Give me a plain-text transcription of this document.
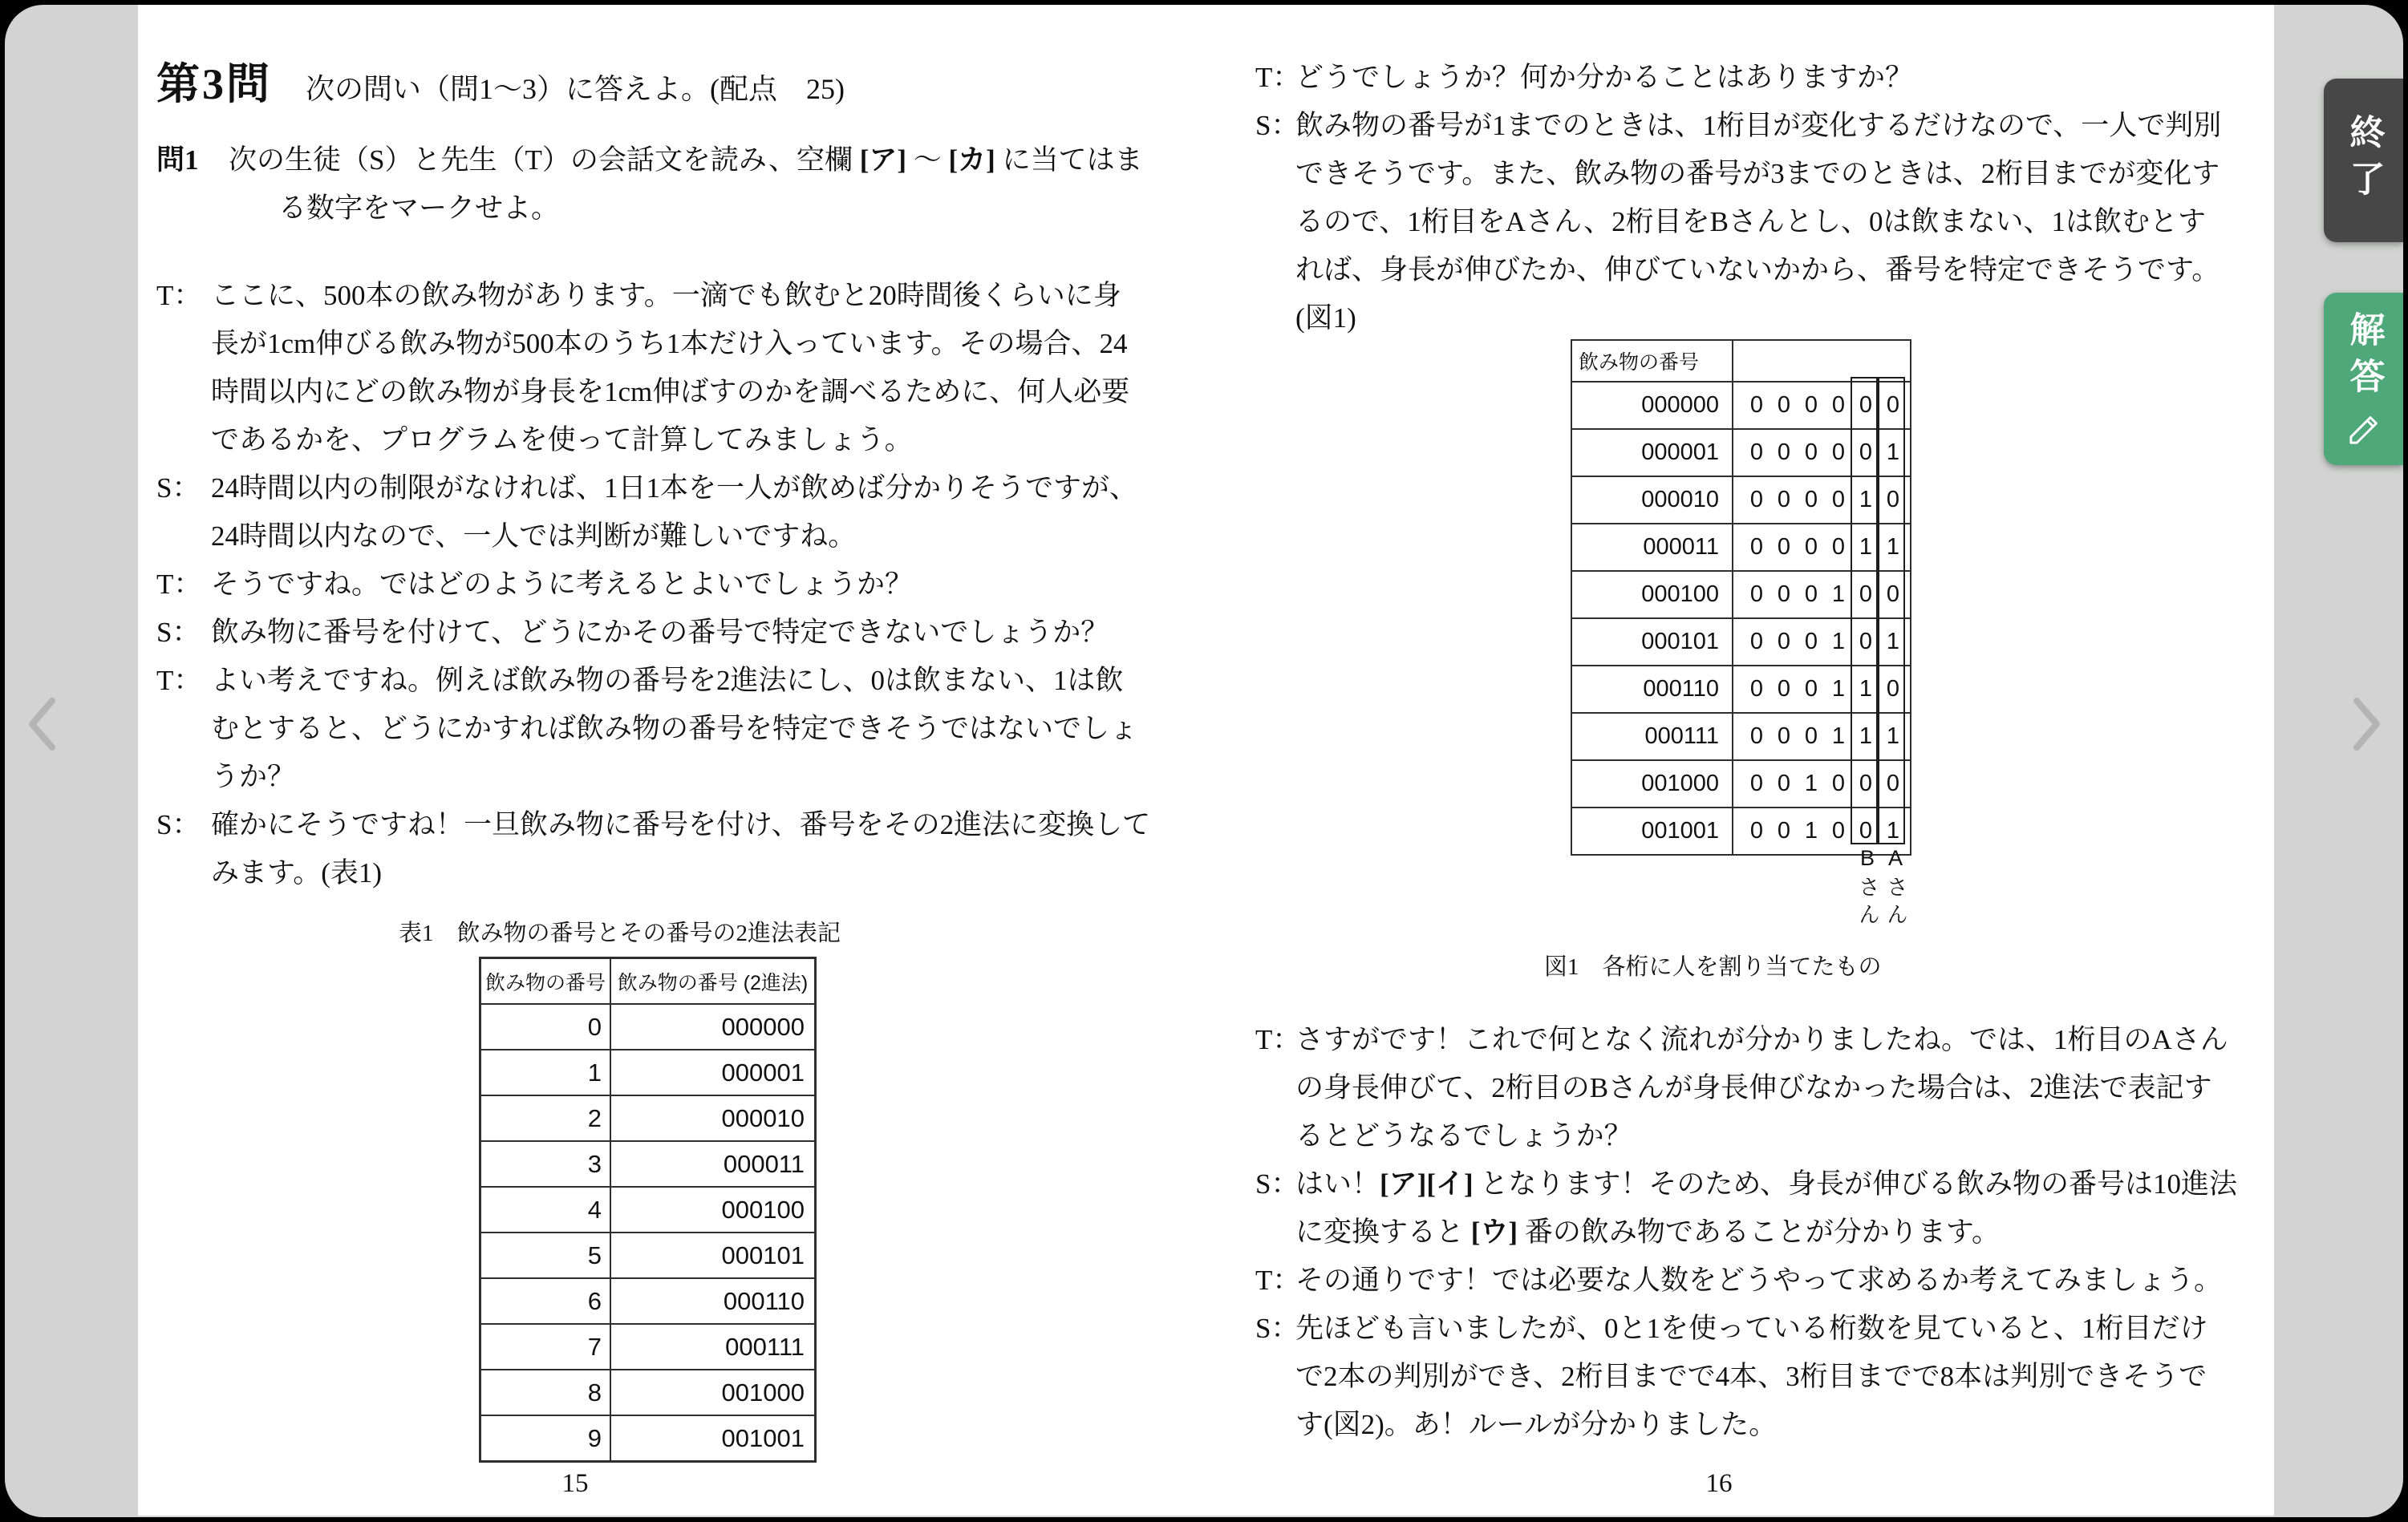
第3問 次の問い（問1～3）に答えよ。(配点　25)
問1	次の生徒（S）と先生（T）の会話文を読み、空欄 [ア] ～ [カ] に当てはま
る数字をマークせよ。
T： ここに、500本の飲み物があります。一滴でも飲むと20時間後くらいに身
長が1cm伸びる飲み物が500本のうち1本だけ入っています。その場合、24
時間以内にどの飲み物が身長を1cm伸ばすのかを調べるために、何人必要
であるかを、プログラムを使って計算してみましょう。
S： 24時間以内の制限がなければ、1日1本を一人が飲めば分かりそうですが、
24時間以内なので、一人では判断が難しいですね。
T： そうですね。ではどのように考えるとよいでしょうか？
S： 飲み物に番号を付けて、どうにかその番号で特定できないでしょうか？
T： よい考えですね。例えば飲み物の番号を2進法にし、0は飲まない、1は飲
むとすると、どうにかすれば飲み物の番号を特定できそうではないでしょ
うか？
S： 確かにそうですね！一旦飲み物に番号を付け、番号をその2進法に変換して
みます。(表1)
表1　飲み物の番号とその番号の2進法表記
飲み物の番号 飲み物の番号 (2進法)
0	000000
1	000001
2	000010
3	000011
4	000100
5	000101
6	000110
7	000111
8	001000
9	001001
15
T：
どうでしょうか？何か分かることはありますか？
S：
飲み物の番号が1までのときは、1桁目が変化するだけなので、一人で判別
できそうです。また、飲み物の番号が3までのときは、2桁目までが変化す
るので、1桁目をAさん、2桁目をBさんとし、0は飲まない、1は飲むとす
れば、身長が伸びたか、伸びていないかから、番号を特定できそうです。
(図1)
飲み物の番号
000000	0 0 0 0 0 0
000001	0 0 0 0 0 1
000010	0 0 0 0 1 0
000011	0 0 0 0 1 1
000100	0 0 0 1 0 0
000101	0 0 0 1 0 1
000110	0 0 0 1 1 0
000111	0 0 0 1 1 1
001000	0 0 1 0 0 0
001001	0 0 1 0 0 1
Bさん Aさん
図1　各桁に人を割り当てたもの
T：
さすがです！これで何となく流れが分かりましたね。では、1桁目のAさん
の身長伸びて、2桁目のBさんが身長伸びなかった場合は、2進法で表記す
るとどうなるでしょうか？
S：
はい！ [ア][イ] となります！そのため、身長が伸びる飲み物の番号は10進法
に変換すると [ウ] 番の飲み物であることが分かります。
T：
その通りです！では必要な人数をどうやって求めるか考えてみましょう。
S：
先ほども言いましたが、0と1を使っている桁数を見ていると、1桁目だけ
で2本の判別ができ、2桁目までで4本、3桁目までで8本は判別できそうで
す(図2)。あ！ルールが分かりました。
16
終了
解答
